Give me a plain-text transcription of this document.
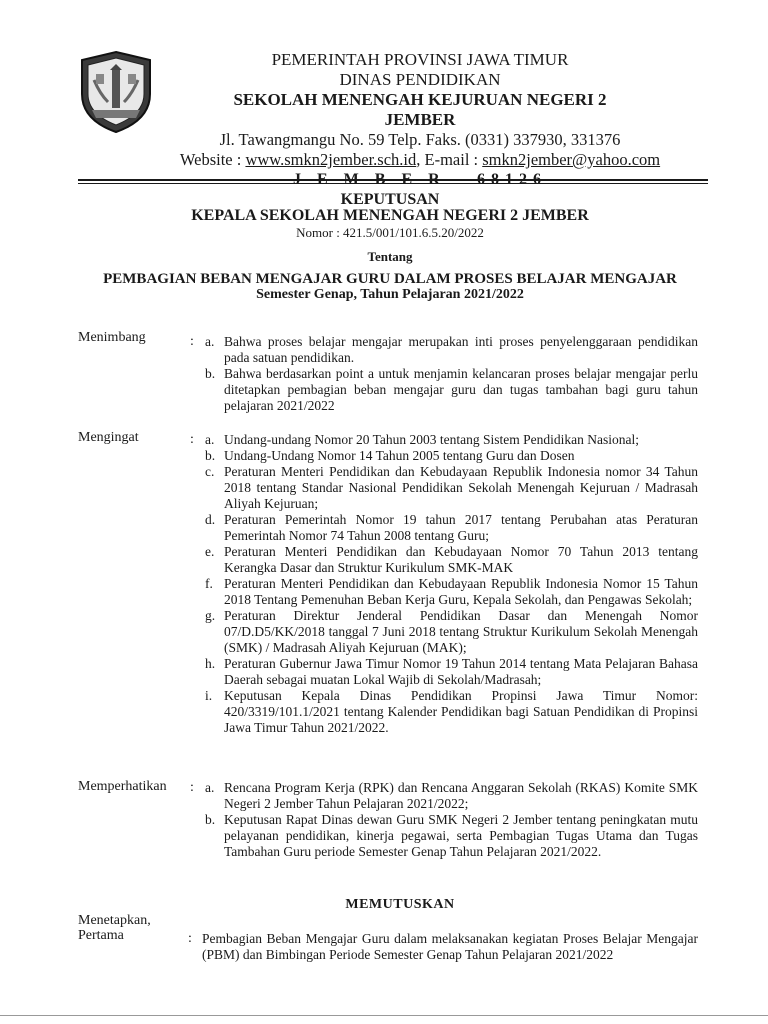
PEMERINTAH PROVINSI JAWA TIMUR
DINAS PENDIDIKAN
SEKOLAH MENENGAH KEJURUAN NEGERI 2
JEMBER
Jl. Tawangmangu No. 59 Telp. Faks. (0331) 337930, 331376
Website : www.smkn2jember.sch.id, E-mail : smkn2jember@yahoo.com
J E M B E R - 68126
KEPUTUSAN
KEPALA SEKOLAH MENENGAH NEGERI 2 JEMBER
Nomor : 421.5/001/101.6.5.20/2022
Tentang
PEMBAGIAN BEBAN MENGAJAR GURU DALAM PROSES BELAJAR MENGAJAR
Semester Genap, Tahun Pelajaran 2021/2022
Menimbang	: a. Bahwa proses belajar mengajar merupakan inti proses penyelenggaraan pendidikan pada satuan pendidikan.
b. Bahwa berdasarkan point a untuk menjamin kelancaran proses belajar mengajar perlu ditetapkan pembagian beban mengajar guru dan tugas tambahan bagi guru tahun pelajaran 2021/2022
Mengingat	: a. Undang-undang Nomor 20 Tahun 2003 tentang Sistem Pendidikan Nasional;
b. Undang-Undang Nomor 14 Tahun 2005 tentang Guru dan Dosen
c. Peraturan Menteri Pendidikan dan Kebudayaan Republik Indonesia nomor 34 Tahun 2018 tentang Standar Nasional Pendidikan Sekolah Menengah Kejuruan / Madrasah Aliyah Kejuruan;
d. Peraturan Pemerintah Nomor 19 tahun 2017 tentang Perubahan atas Peraturan Pemerintah Nomor 74 Tahun 2008 tentang Guru;
e. Peraturan Menteri Pendidikan dan Kebudayaan Nomor 70 Tahun 2013 tentang Kerangka Dasar dan Struktur Kurikulum SMK-MAK
f. Peraturan Menteri Pendidikan dan Kebudayaan Republik Indonesia Nomor 15 Tahun 2018 Tentang Pemenuhan Beban Kerja Guru, Kepala Sekolah, dan Pengawas Sekolah;
g. Peraturan Direktur Jenderal Pendidikan Dasar dan Menengah Nomor 07/D.D5/KK/2018 tanggal 7 Juni 2018 tentang Struktur Kurikulum Sekolah Menengah (SMK) / Madrasah Aliyah Kejuruan (MAK);
h. Peraturan Gubernur Jawa Timur Nomor 19 Tahun 2014 tentang Mata Pelajaran Bahasa Daerah sebagai muatan Lokal Wajib di Sekolah/Madrasah;
i. Keputusan Kepala Dinas Pendidikan Propinsi Jawa Timur Nomor: 420/3319/101.1/2021 tentang Kalender Pendidikan bagi Satuan Pendidikan di Propinsi Jawa Timur Tahun 2021/2022.
Memperhatikan : a. Rencana Program Kerja (RPK) dan Rencana Anggaran Sekolah (RKAS) Komite SMK Negeri 2 Jember Tahun Pelajaran 2021/2022;
b. Keputusan Rapat Dinas dewan Guru SMK Negeri 2 Jember tentang peningkatan mutu pelayanan pendidikan, kinerja pegawai, serta Pembagian Tugas Utama dan Tugas Tambahan Guru periode Semester Genap Tahun Pelajaran 2021/2022.
MEMUTUSKAN
Menetapkan,
Pertama	: Pembagian Beban Mengajar Guru dalam melaksanakan kegiatan Proses Belajar Mengajar (PBM) dan Bimbingan Periode Semester Genap Tahun Pelajaran 2021/2022
